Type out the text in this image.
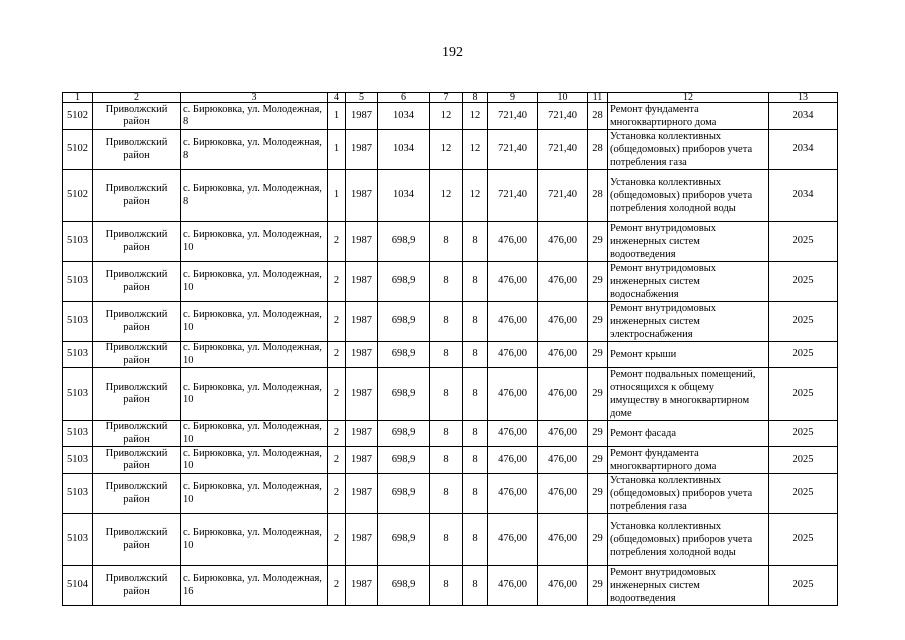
192
1	2	3	4	5	6	7	8	9	10	11	12	13
5102	Приволжский район	с. Бирюковка, ул. Молодежная, 8	1	1987	1034	12	12	721,40	721,40	28	Ремонт фундамента многоквартирного дома	2034
5102	Приволжский район	с. Бирюковка, ул. Молодежная, 8	1	1987	1034	12	12	721,40	721,40	28	Установка коллективных (общедомовых) приборов учета потребления газа	2034
5102	Приволжский район	с. Бирюковка, ул. Молодежная, 8	1	1987	1034	12	12	721,40	721,40	28	Установка коллективных (общедомовых) приборов учета потребления холодной воды	2034
5103	Приволжский район	с. Бирюковка, ул. Молодежная, 10	2	1987	698,9	8	8	476,00	476,00	29	Ремонт внутридомовых инженерных систем водоотведения	2025
5103	Приволжский район	с. Бирюковка, ул. Молодежная, 10	2	1987	698,9	8	8	476,00	476,00	29	Ремонт внутридомовых инженерных систем водоснабжения	2025
5103	Приволжский район	с. Бирюковка, ул. Молодежная, 10	2	1987	698,9	8	8	476,00	476,00	29	Ремонт внутридомовых инженерных систем электроснабжения	2025
5103	Приволжский район	с. Бирюковка, ул. Молодежная, 10	2	1987	698,9	8	8	476,00	476,00	29	Ремонт крыши	2025
5103	Приволжский район	с. Бирюковка, ул. Молодежная, 10	2	1987	698,9	8	8	476,00	476,00	29	Ремонт подвальных помещений, относящихся к общему имуществу в многоквартирном доме	2025
5103	Приволжский район	с. Бирюковка, ул. Молодежная, 10	2	1987	698,9	8	8	476,00	476,00	29	Ремонт фасада	2025
5103	Приволжский район	с. Бирюковка, ул. Молодежная, 10	2	1987	698,9	8	8	476,00	476,00	29	Ремонт фундамента многоквартирного дома	2025
5103	Приволжский район	с. Бирюковка, ул. Молодежная, 10	2	1987	698,9	8	8	476,00	476,00	29	Установка коллективных (общедомовых) приборов учета потребления газа	2025
5103	Приволжский район	с. Бирюковка, ул. Молодежная, 10	2	1987	698,9	8	8	476,00	476,00	29	Установка коллективных (общедомовых) приборов учета потребления холодной воды	2025
5104	Приволжский район	с. Бирюковка, ул. Молодежная, 16	2	1987	698,9	8	8	476,00	476,00	29	Ремонт внутридомовых инженерных систем водоотведения	2025
